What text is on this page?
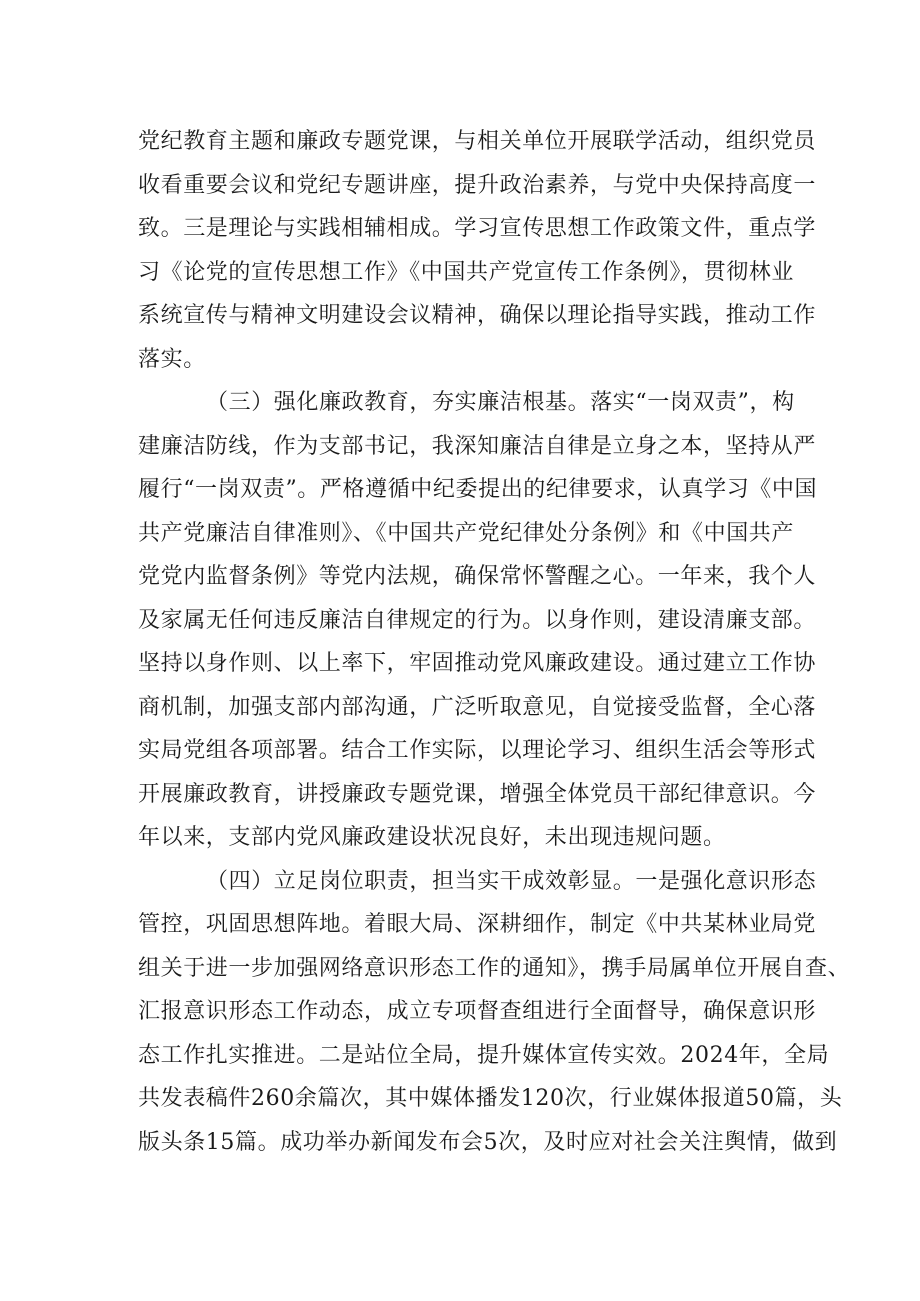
党纪教育主题和廉政专题党课，与相关单位开展联学活动，组织党员
收看重要会议和党纪专题讲座，提升政治素养，与党中央保持高度一
致。三是理论与实践相辅相成。学习宣传思想工作政策文件，重点学
习《论党的宣传思想工作》《中国共产党宣传工作条例》，贯彻林业
系统宣传与精神文明建设会议精神，确保以理论指导实践，推动工作
落实。
（三）强化廉政教育，夯实廉洁根基。落实“一岗双责”，构
建廉洁防线，作为支部书记，我深知廉洁自律是立身之本，坚持从严
履行“一岗双责”。严格遵循中纪委提出的纪律要求，认真学习《中国
共产党廉洁自律准则》、《中国共产党纪律处分条例》和《中国共产
党党内监督条例》等党内法规，确保常怀警醒之心。一年来，我个人
及家属无任何违反廉洁自律规定的行为。以身作则，建设清廉支部。
坚持以身作则、以上率下，牢固推动党风廉政建设。通过建立工作协
商机制，加强支部内部沟通，广泛听取意见，自觉接受监督，全心落
实局党组各项部署。结合工作实际，以理论学习、组织生活会等形式
开展廉政教育，讲授廉政专题党课，增强全体党员干部纪律意识。今
年以来，支部内党风廉政建设状况良好，未出现违规问题。
（四）立足岗位职责，担当实干成效彰显。一是强化意识形态
管控，巩固思想阵地。着眼大局、深耕细作，制定《中共某林业局党
组关于进一步加强网络意识形态工作的通知》，携手局属单位开展自查、
汇报意识形态工作动态，成立专项督查组进行全面督导，确保意识形
态工作扎实推进。二是站位全局，提升媒体宣传实效。2024年，全局
共发表稿件260余篇次，其中媒体播发120次，行业媒体报道50篇，头
版头条15篇。成功举办新闻发布会5次，及时应对社会关注舆情，做到
